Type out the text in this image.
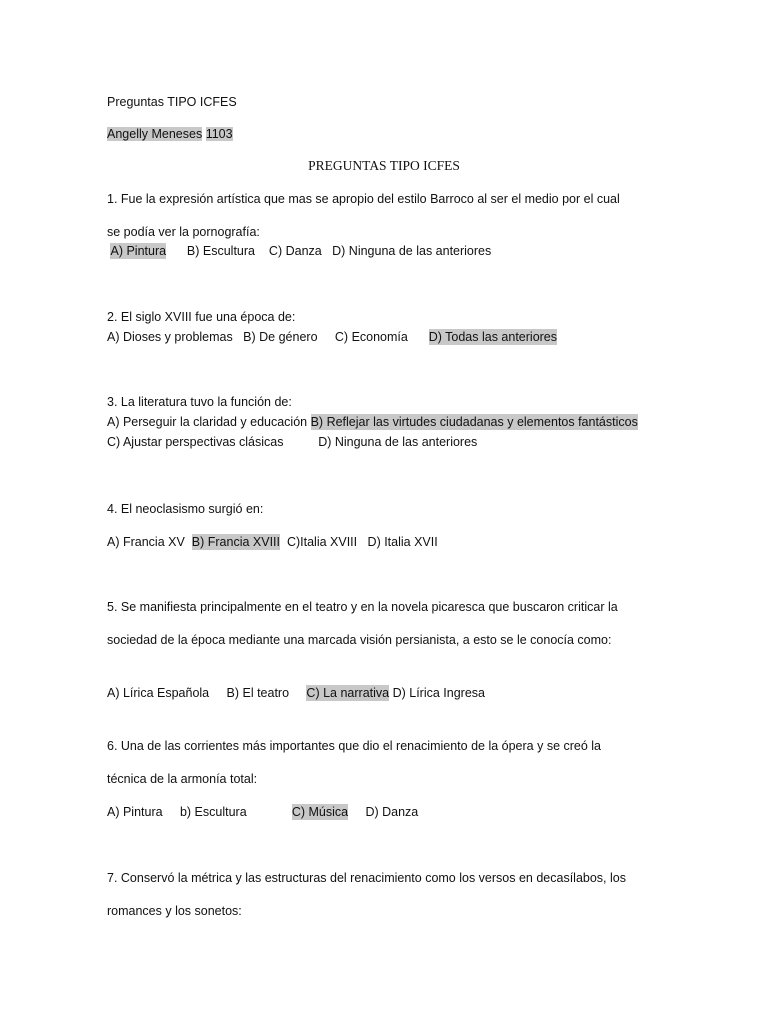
Preguntas TIPO ICFES
Angelly Meneses 1103
PREGUNTAS TIPO ICFES
1. Fue la expresión artística que mas se apropio del estilo Barroco al ser el medio por el cual
se podía ver la pornografía:
A) Pintura B) Escultura C) Danza D) Ninguna de las anteriores
2. El siglo XVIII fue una época de:
A) Dioses y problemas B) De género C) Economía D) Todas las anteriores
3. La literatura tuvo la función de:
A) Perseguir la claridad y educación B) Reflejar las virtudes ciudadanas y elementos fantásticos
C) Ajustar perspectivas clásicas	D) Ninguna de las anteriores
4. El neoclasismo surgió en:
A) Francia XV B) Francia XVIII C)Italia XVIII D) Italia XVII
5. Se manifiesta principalmente en el teatro y en la novela picaresca que buscaron criticar la
sociedad de la época mediante una marcada visión persianista, a esto se le conocía como:
A) Lírica Española B) El teatro C) La narrativa D) Lírica Ingresa
6. Una de las corrientes más importantes que dio el renacimiento de la ópera y se creó la
técnica de la armonía total:
A) Pintura b) Escultura	C) Música D) Danza
7. Conservó la métrica y las estructuras del renacimiento como los versos en decasílabos, los
romances y los sonetos:
